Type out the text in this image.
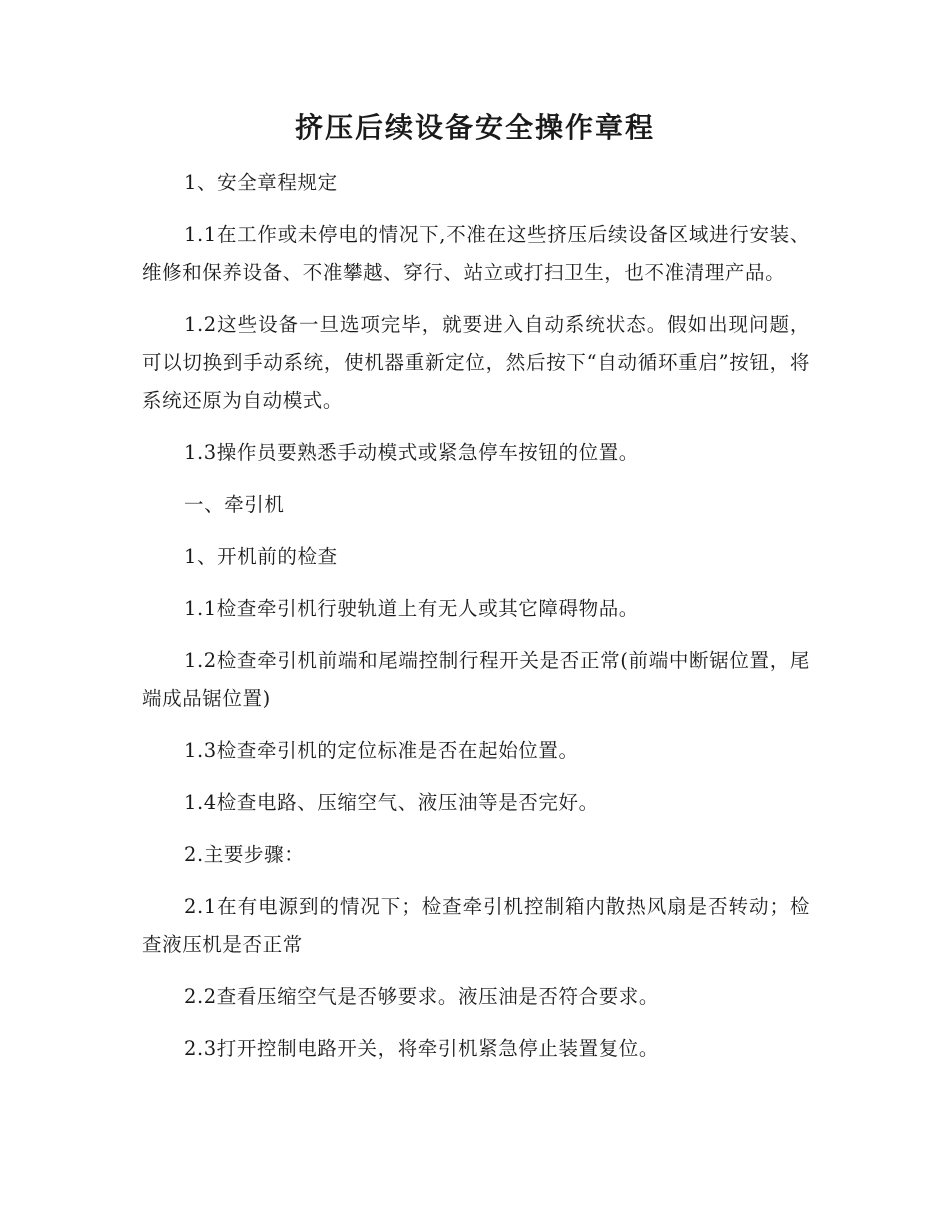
挤压后续设备安全操作章程

1、安全章程规定

1.1在工作或未停电的情况下,不准在这些挤压后续设备区域进行安装、维修和保养设备、不准攀越、穿行、站立或打扫卫生，也不准清理产品。

1.2这些设备一旦选项完毕，就要进入自动系统状态。假如出现问题，可以切换到手动系统，使机器重新定位，然后按下“自动循环重启”按钮，将系统还原为自动模式。

1.3操作员要熟悉手动模式或紧急停车按钮的位置。

一、牵引机

1、开机前的检查

1.1检查牵引机行驶轨道上有无人或其它障碍物品。

1.2检查牵引机前端和尾端控制行程开关是否正常(前端中断锯位置，尾端成品锯位置)

1.3检查牵引机的定位标准是否在起始位置。

1.4检查电路、压缩空气、液压油等是否完好。

2.主要步骤：

2.1在有电源到的情况下；检查牵引机控制箱内散热风扇是否转动；检查液压机是否正常

2.2查看压缩空气是否够要求。液压油是否符合要求。

2.3打开控制电路开关，将牵引机紧急停止装置复位。
